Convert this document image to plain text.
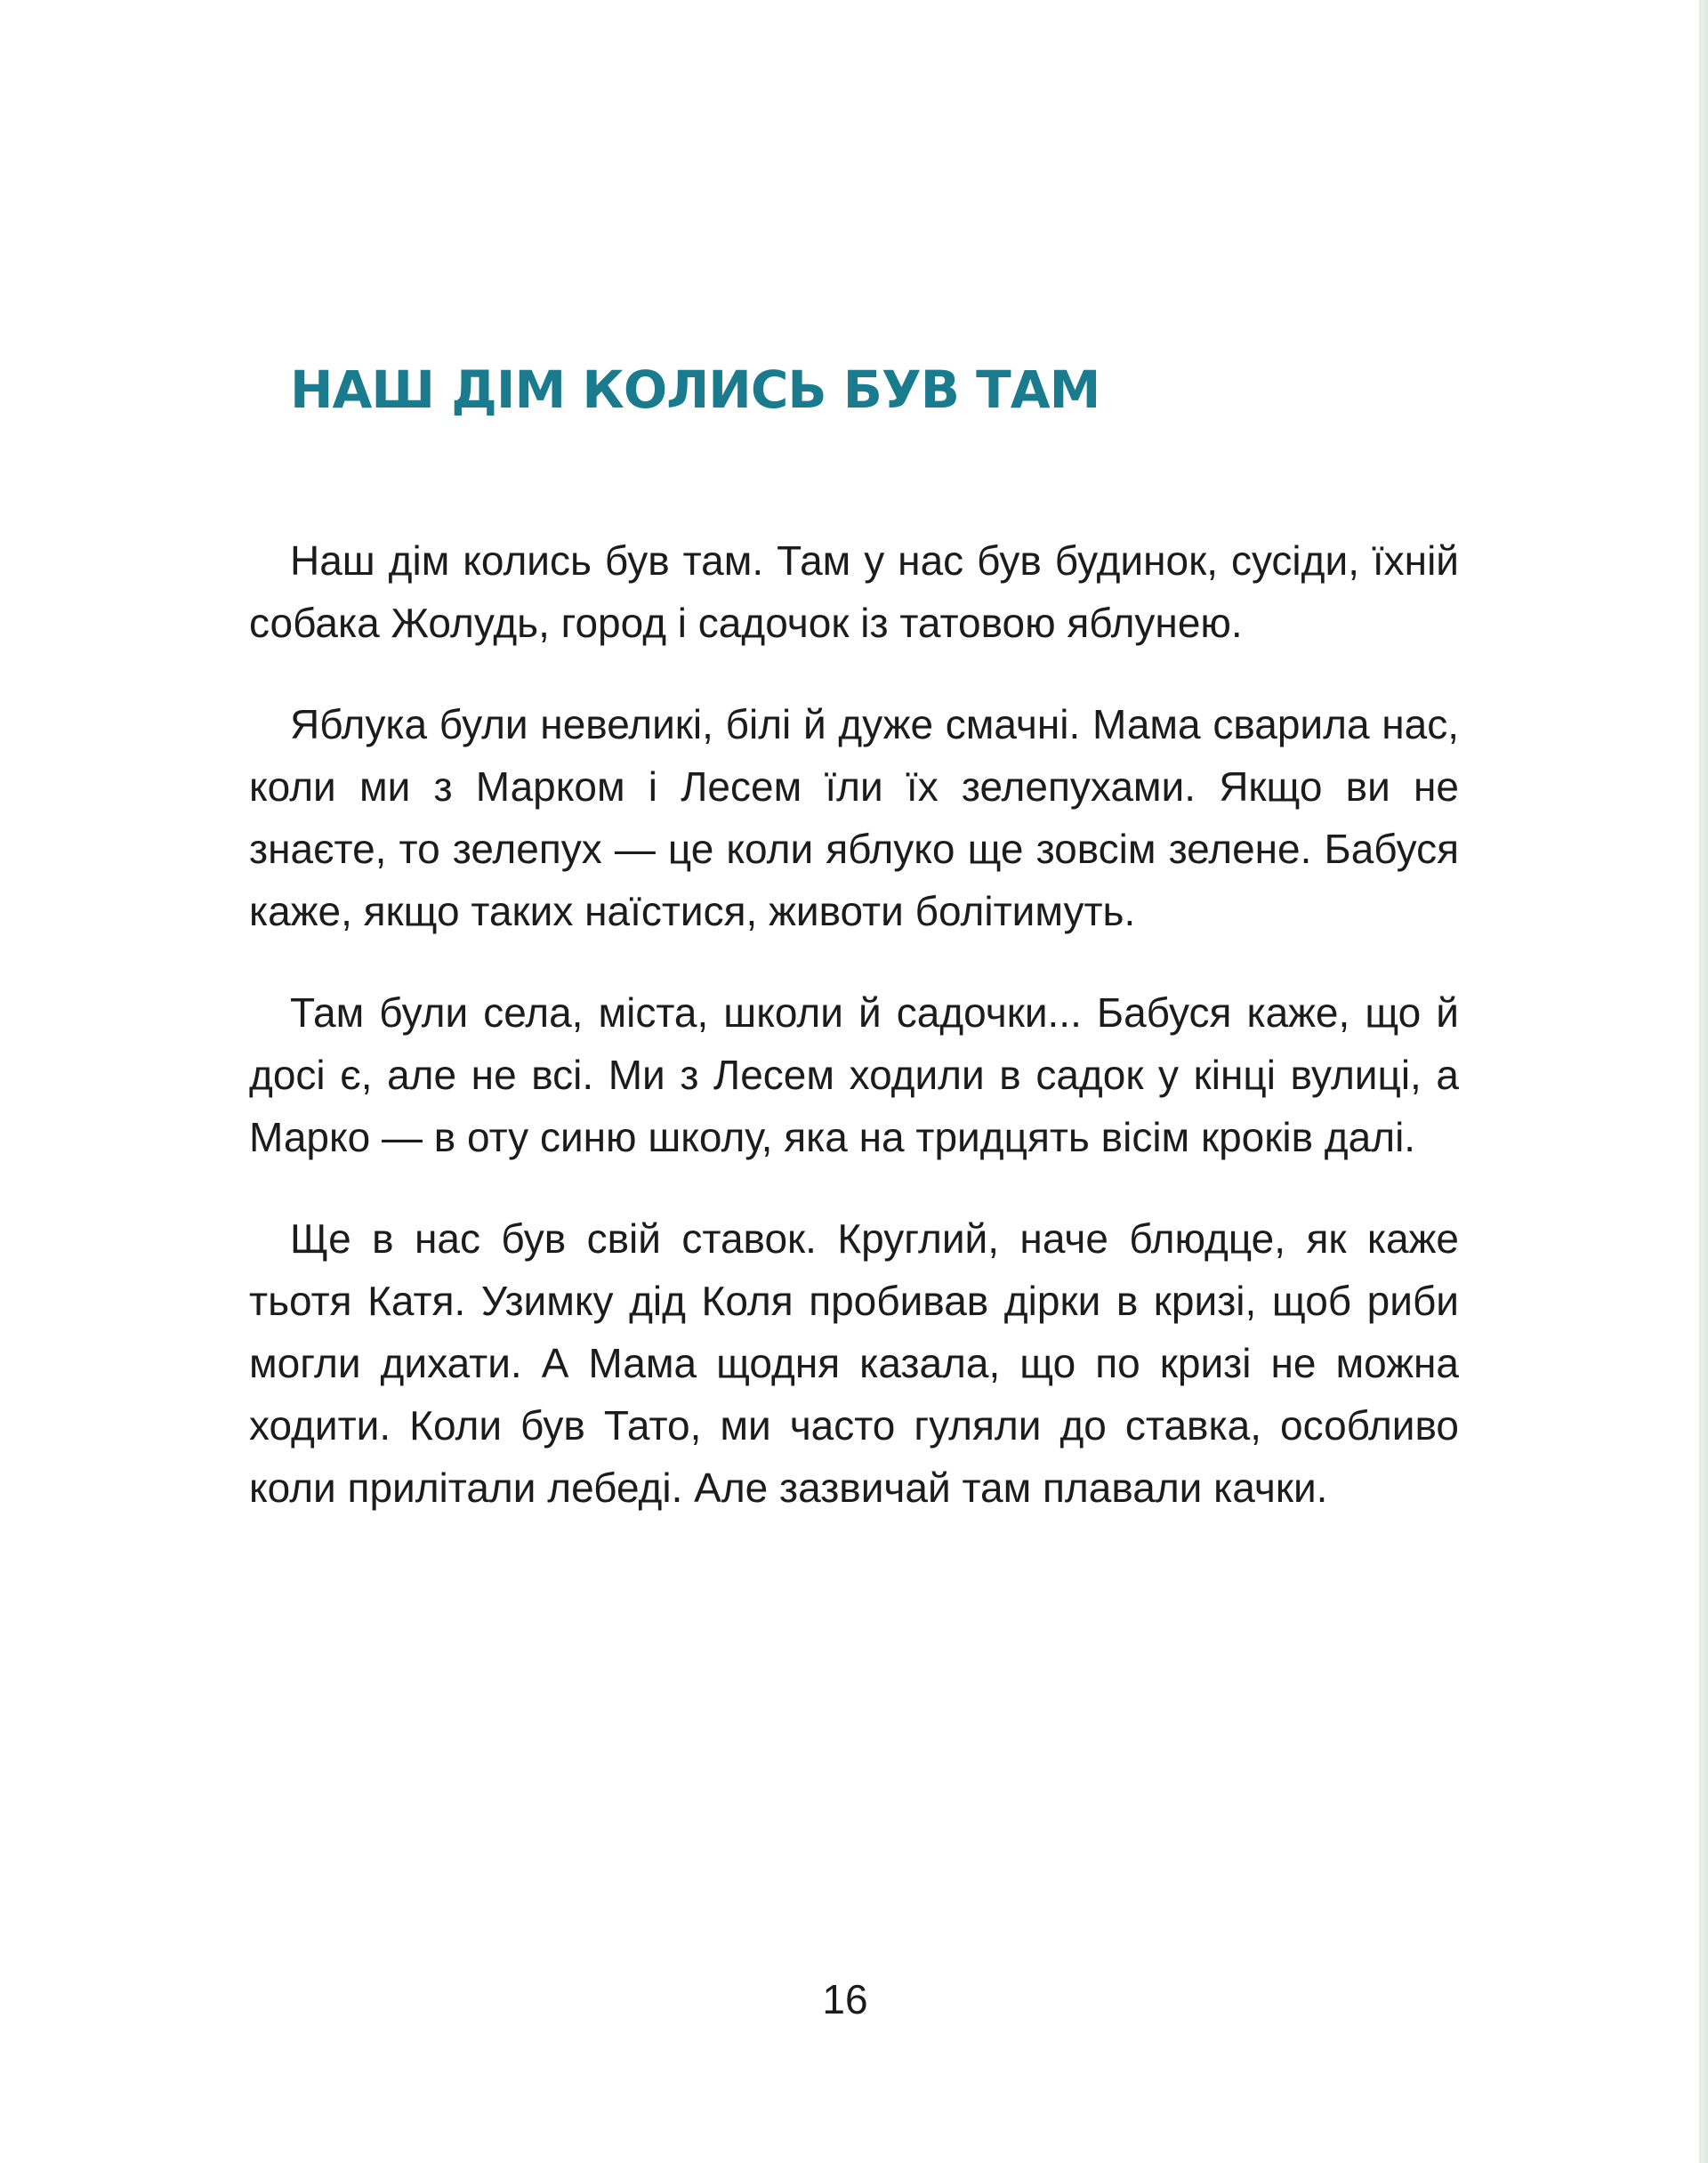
НАШ ДІМ КОЛИСЬ БУВ ТАМ

Наш дім колись був там. Там у нас був будинок, сусіди, їхній собака Жолудь, город і садочок із татовою яблунею.

Яблука були невеликі, білі й дуже смачні. Мама сварила нас, коли ми з Марком і Лесем їли їх зелепухами. Якщо ви не знаєте, то зелепух — це коли яблуко ще зовсім зелене. Бабуся каже, якщо таких наїстися, животи болітимуть.

Там були села, міста, школи й садочки... Бабуся каже, що й досі є, але не всі. Ми з Лесем ходили в садок у кінці вулиці, а Марко — в оту синю школу, яка на тридцять вісім кроків далі.

Ще в нас був свій ставок. Круглий, наче блюдце, як каже тьотя Катя. Узимку дід Коля пробивав дірки в кризі, щоб риби могли дихати. А Мама щодня казала, що по кризі не можна ходити. Коли був Тато, ми часто гуляли до ставка, особливо коли прилітали лебеді. Але зазвичай там плавали качки.

16
